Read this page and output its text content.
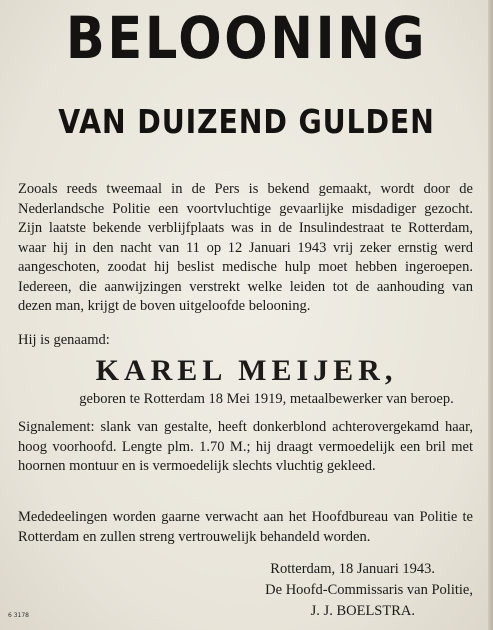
BELOONING
VAN DUIZEND GULDEN
Zooals reeds tweemaal in de Pers is bekend gemaakt, wordt door de Nederlandsche Politie een voortvluchtige gevaarlijke misdadiger gezocht. Zijn laatste bekende verblijfplaats was in de Insulindestraat te Rotterdam, waar hij in den nacht van 11 op 12 Januari 1943 vrij zeker ernstig werd aangeschoten, zoodat hij beslist medische hulp moet hebben ingeroepen. Iedereen, die aanwijzingen verstrekt welke leiden tot de aanhouding van dezen man, krijgt de boven uitgeloofde belooning.
Hij is genaamd:
KAREL MEIJER,
geboren te Rotterdam 18 Mei 1919, metaalbewerker van beroep.
Signalement: slank van gestalte, heeft donkerblond achterovergekamd haar, hoog voorhoofd. Lengte plm. 1.70 M.; hij draagt vermoedelijk een bril met hoornen montuur en is vermoedelijk slechts vluchtig gekleed.
Mededeelingen worden gaarne verwacht aan het Hoofdbureau van Politie te Rotterdam en zullen streng vertrouwelijk behandeld worden.
Rotterdam, 18 Januari 1943.
De Hoofd-Commissaris van Politie,
J. J. BOELSTRA.
6 3178
